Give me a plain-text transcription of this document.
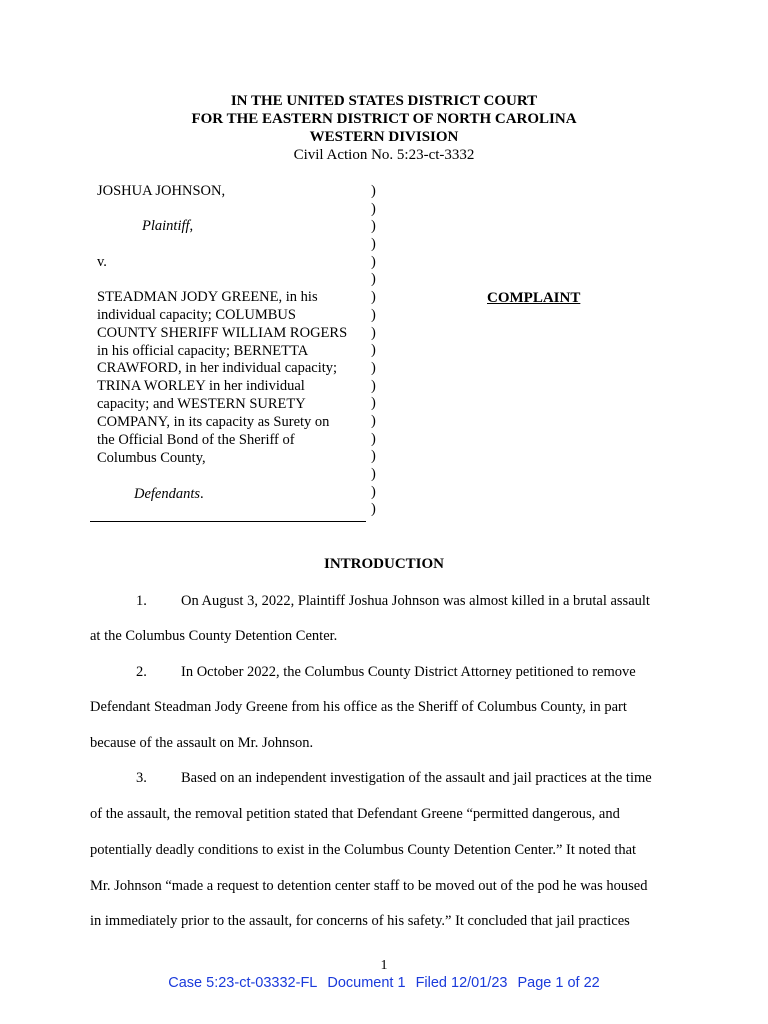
IN THE UNITED STATES DISTRICT COURT
FOR THE EASTERN DISTRICT OF NORTH CAROLINA
WESTERN DIVISION
Civil Action No. 5:23-ct-3332
JOSHUA JOHNSON,
Plaintiff,
v.
STEADMAN JODY GREENE, in his
individual capacity; COLUMBUS
COUNTY SHERIFF WILLIAM ROGERS
in his official capacity; BERNETTA
CRAWFORD, in her individual capacity;
TRINA WORLEY in her individual
capacity; and WESTERN SURETY
COMPANY, in its capacity as Surety on
the Official Bond of the Sheriff of
Columbus County,
Defendants.
)
)
)
)
)
)
)
)
)
)
)
)
)
)
)
)
)
)
)
COMPLAINT
INTRODUCTION
1. On August 3, 2022, Plaintiff Joshua Johnson was almost killed in a brutal assault
at the Columbus County Detention Center.
2. In October 2022, the Columbus County District Attorney petitioned to remove
Defendant Steadman Jody Greene from his office as the Sheriff of Columbus County, in part
because of the assault on Mr. Johnson.
3. Based on an independent investigation of the assault and jail practices at the time
of the assault, the removal petition stated that Defendant Greene “permitted dangerous, and
potentially deadly conditions to exist in the Columbus County Detention Center.” It noted that
Mr. Johnson “made a request to detention center staff to be moved out of the pod he was housed
in immediately prior to the assault, for concerns of his safety.” It concluded that jail practices
1
Case 5:23-ct-03332-FL Document 1 Filed 12/01/23 Page 1 of 22
